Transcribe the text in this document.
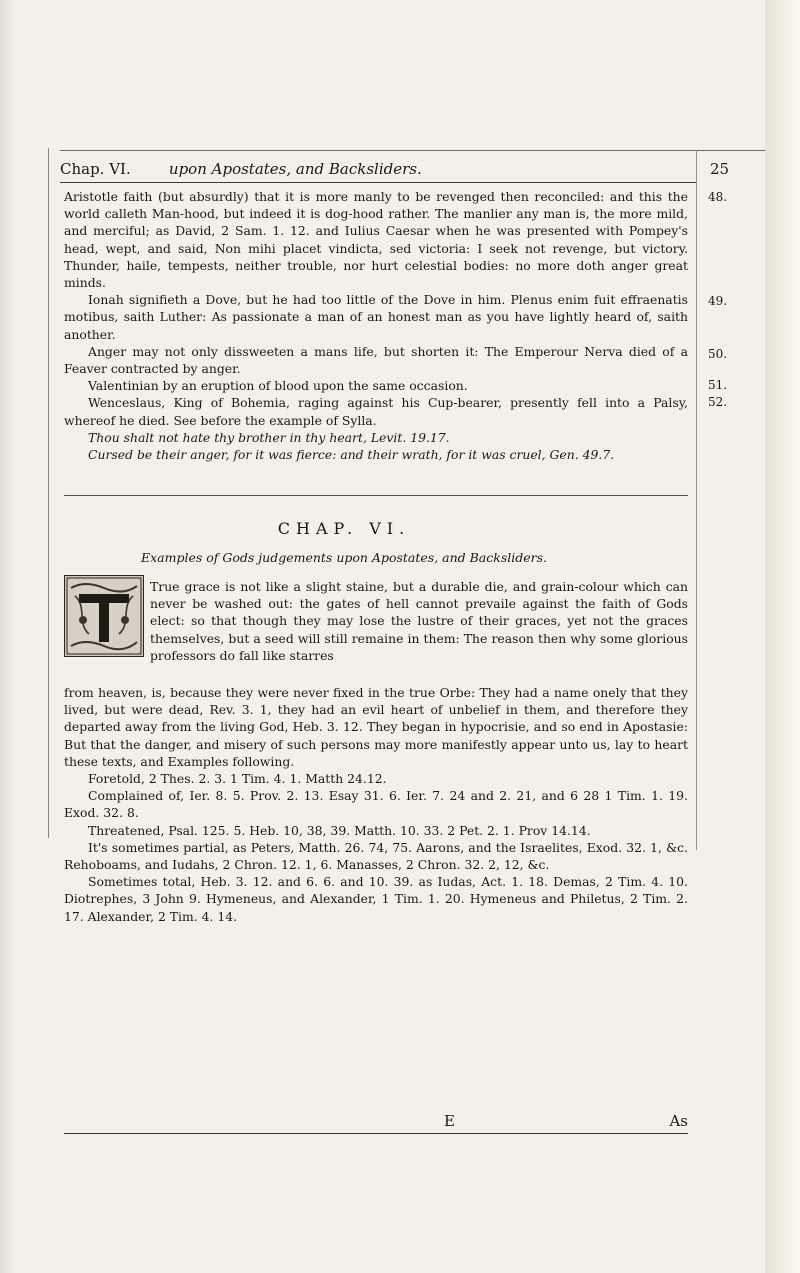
Chap. VI.	upon Apostates, and Backsliders.	25

Aristotle faith (but absurdly) that it is more manly to be revenged then reconciled: and this the world calleth Man-hood, but indeed it is dog-hood rather. The manlier any man is, the more mild, and merciful; as David, 2 Sam. 1. 12. and Iulius Caesar when he was presented with Pompey's head, wept, and said, Non mihi placet vindicta, sed victoria: I seek not revenge, but victory. Thunder, haile, tempests, neither trouble, nor hurt celestial bodies: no more doth anger great minds.

Ionah signifieth a Dove, but he had too little of the Dove in him. Plenus enim fuit effraenatis motibus, saith Luther: As passionate a man of an honest man as you have lightly heard of, saith another.

Anger may not only dissweeten a mans life, but shorten it: The Emperour Nerva died of a Feaver contracted by anger.

Valentinian by an eruption of blood upon the same occasion.

Wenceslaus, King of Bohemia, raging against his Cup-bearer, presently fell into a Palsy, whereof he died. See before the example of Sylla.

Thou shalt not hate thy brother in thy heart, Levit. 19.17.

Cursed be their anger, for it was fierce: and their wrath, for it was cruel, Gen. 49.7.

48.
49.
50.
51.
52.
CHAP. VI.
Examples of Gods judgements upon Apostates, and Backsliders.

True grace is not like a slight staine, but a durable die, and grain-colour which can never be washed out: the gates of hell cannot prevaile against the faith of Gods elect: so that though they may lose the lustre of their graces, yet not the graces themselves, but a seed will still remaine in them: The reason then why some glorious professors do fall like starres

from heaven, is, because they were never fixed in the true Orbe: They had a name onely that they lived, but were dead, Rev. 3. 1, they had an evil heart of unbelief in them, and therefore they departed away from the living God, Heb. 3. 12. They began in hypocrisie, and so end in Apostasie: But that the danger, and misery of such persons may more manifestly appear unto us, lay to heart these texts, and Examples following.

Foretold, 2 Thes. 2. 3. 1 Tim. 4. 1. Matth 24.12.

Complained of, Ier. 8. 5. Prov. 2. 13. Esay 31. 6. Ier. 7. 24 and 2. 21, and 6 28 1 Tim. 1. 19. Exod. 32. 8.

Threatened, Psal. 125. 5. Heb. 10, 38, 39. Matth. 10. 33. 2 Pet. 2. 1. Prov 14.14.

It's sometimes partial, as Peters, Matth. 26. 74, 75. Aarons, and the Israelites, Exod. 32. 1, &c. Rehoboams, and Iudahs, 2 Chron. 12. 1, 6. Manasses, 2 Chron. 32. 2, 12, &c.

Sometimes total, Heb. 3. 12. and 6. 6. and 10. 39. as Iudas, Act. 1. 18. Demas, 2 Tim. 4. 10. Diotrephes, 3 John 9. Hymeneus, and Alexander, 1 Tim. 1. 20. Hymeneus and Philetus, 2 Tim. 2. 17. Alexander, 2 Tim. 4. 14.

E	As
